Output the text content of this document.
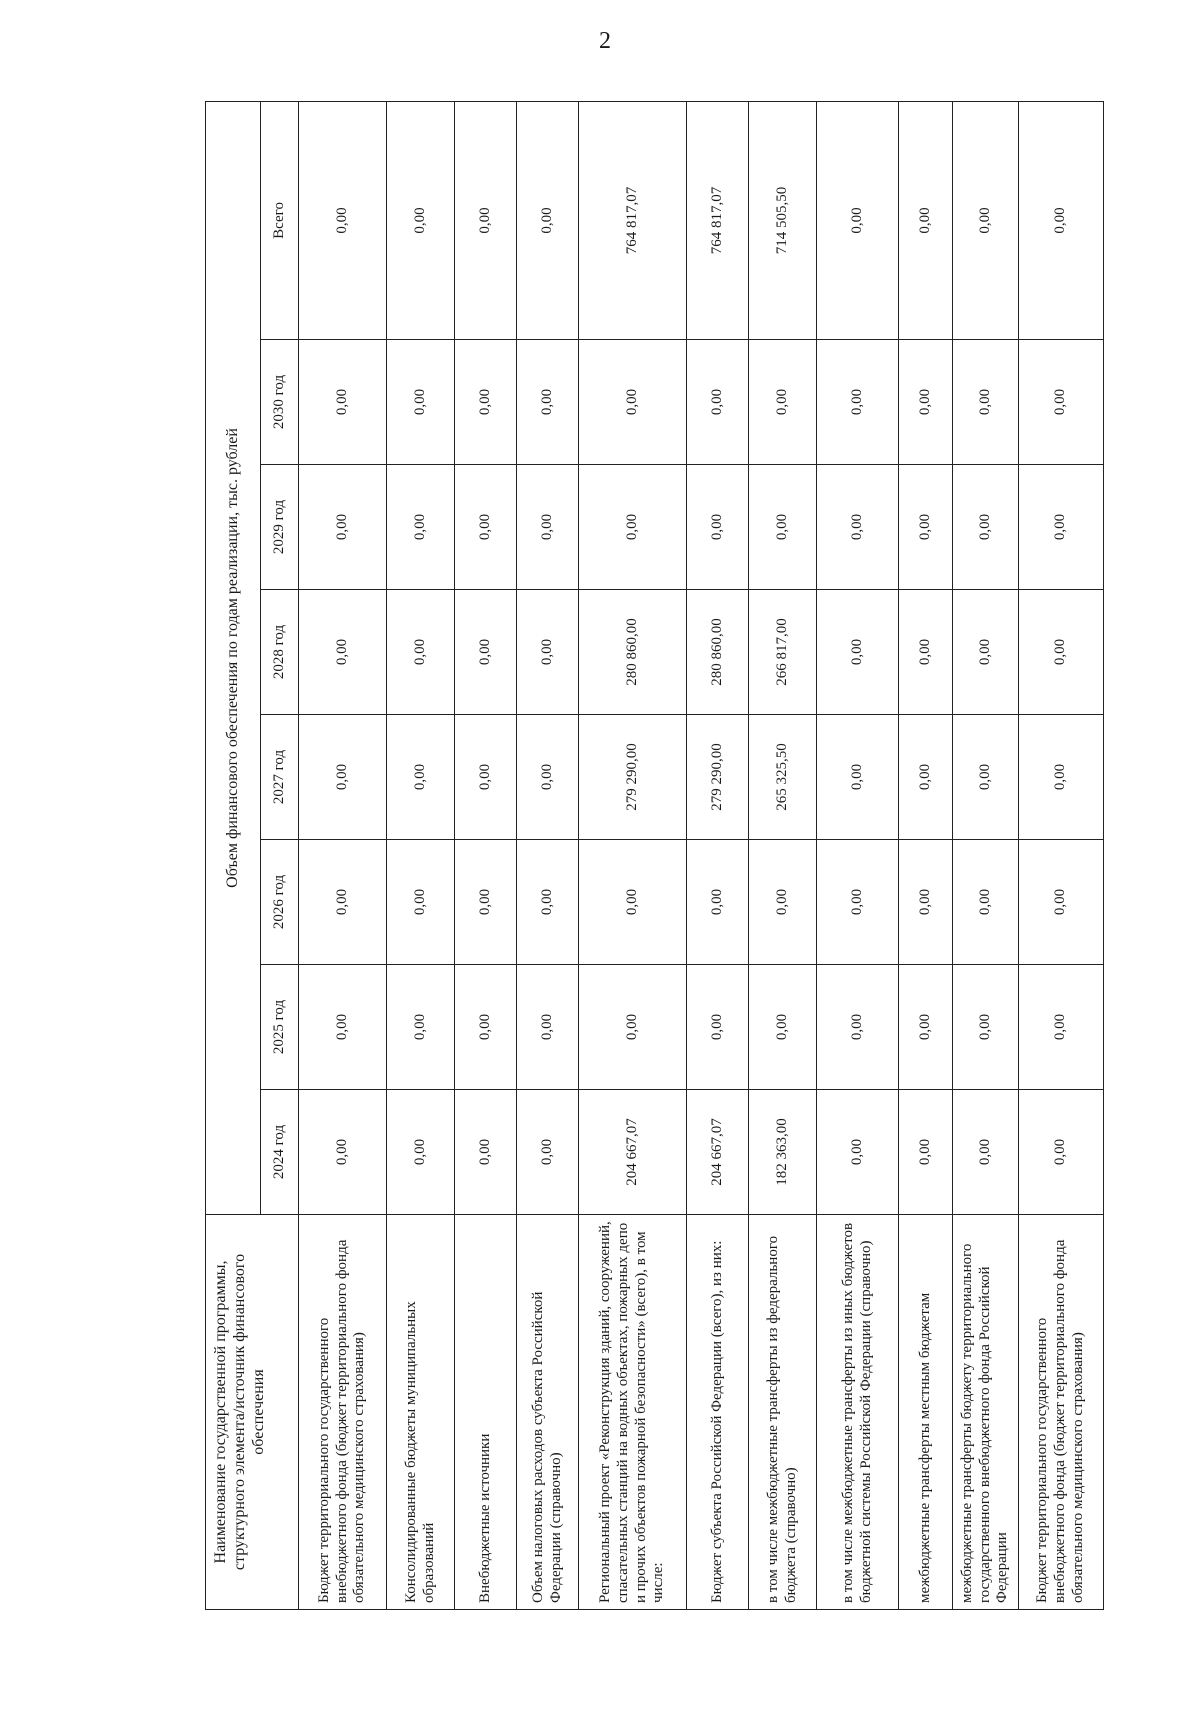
2
Наименование государственной программы, структурного элемента/источник финансового обеспечения	Объем финансового обеспечения по годам реализации, тыс. рублей							
	2024 год	2025 год	2026 год	2027 год	2028 год	2029 год	2030 год	Всего
Бюджет территориального государственного внебюджетного фонда (бюджет территориального фонда обязательного медицинского страхования)	0,00	0,00	0,00	0,00	0,00	0,00	0,00	0,00
Консолидированные бюджеты муниципальных образований	0,00	0,00	0,00	0,00	0,00	0,00	0,00	0,00
Внебюджетные источники	0,00	0,00	0,00	0,00	0,00	0,00	0,00	0,00
Объем налоговых расходов субъекта Российской Федерации (справочно)	0,00	0,00	0,00	0,00	0,00	0,00	0,00	0,00
Региональный проект «Реконструкция зданий, сооружений, спасательных станций на водных объектах, пожарных депо и прочих объектов пожарной безопасности» (всего), в том числе:	204 667,07	0,00	0,00	279 290,00	280 860,00	0,00	0,00	764 817,07
Бюджет субъекта Российской Федерации (всего), из них:	204 667,07	0,00	0,00	279 290,00	280 860,00	0,00	0,00	764 817,07
в том числе межбюджетные трансферты из федерального бюджета (справочно)	182 363,00	0,00	0,00	265 325,50	266 817,00	0,00	0,00	714 505,50
в том числе межбюджетные трансферты из иных бюджетов бюджетной системы Российской Федерации (справочно)	0,00	0,00	0,00	0,00	0,00	0,00	0,00	0,00
межбюджетные трансферты местным бюджетам	0,00	0,00	0,00	0,00	0,00	0,00	0,00	0,00
межбюджетные трансферты бюджету территориального государственного внебюджетного фонда Российской Федерации	0,00	0,00	0,00	0,00	0,00	0,00	0,00	0,00
Бюджет территориального государственного внебюджетного фонда (бюджет территориального фонда обязательного медицинского страхования)	0,00	0,00	0,00	0,00	0,00	0,00	0,00	0,00
